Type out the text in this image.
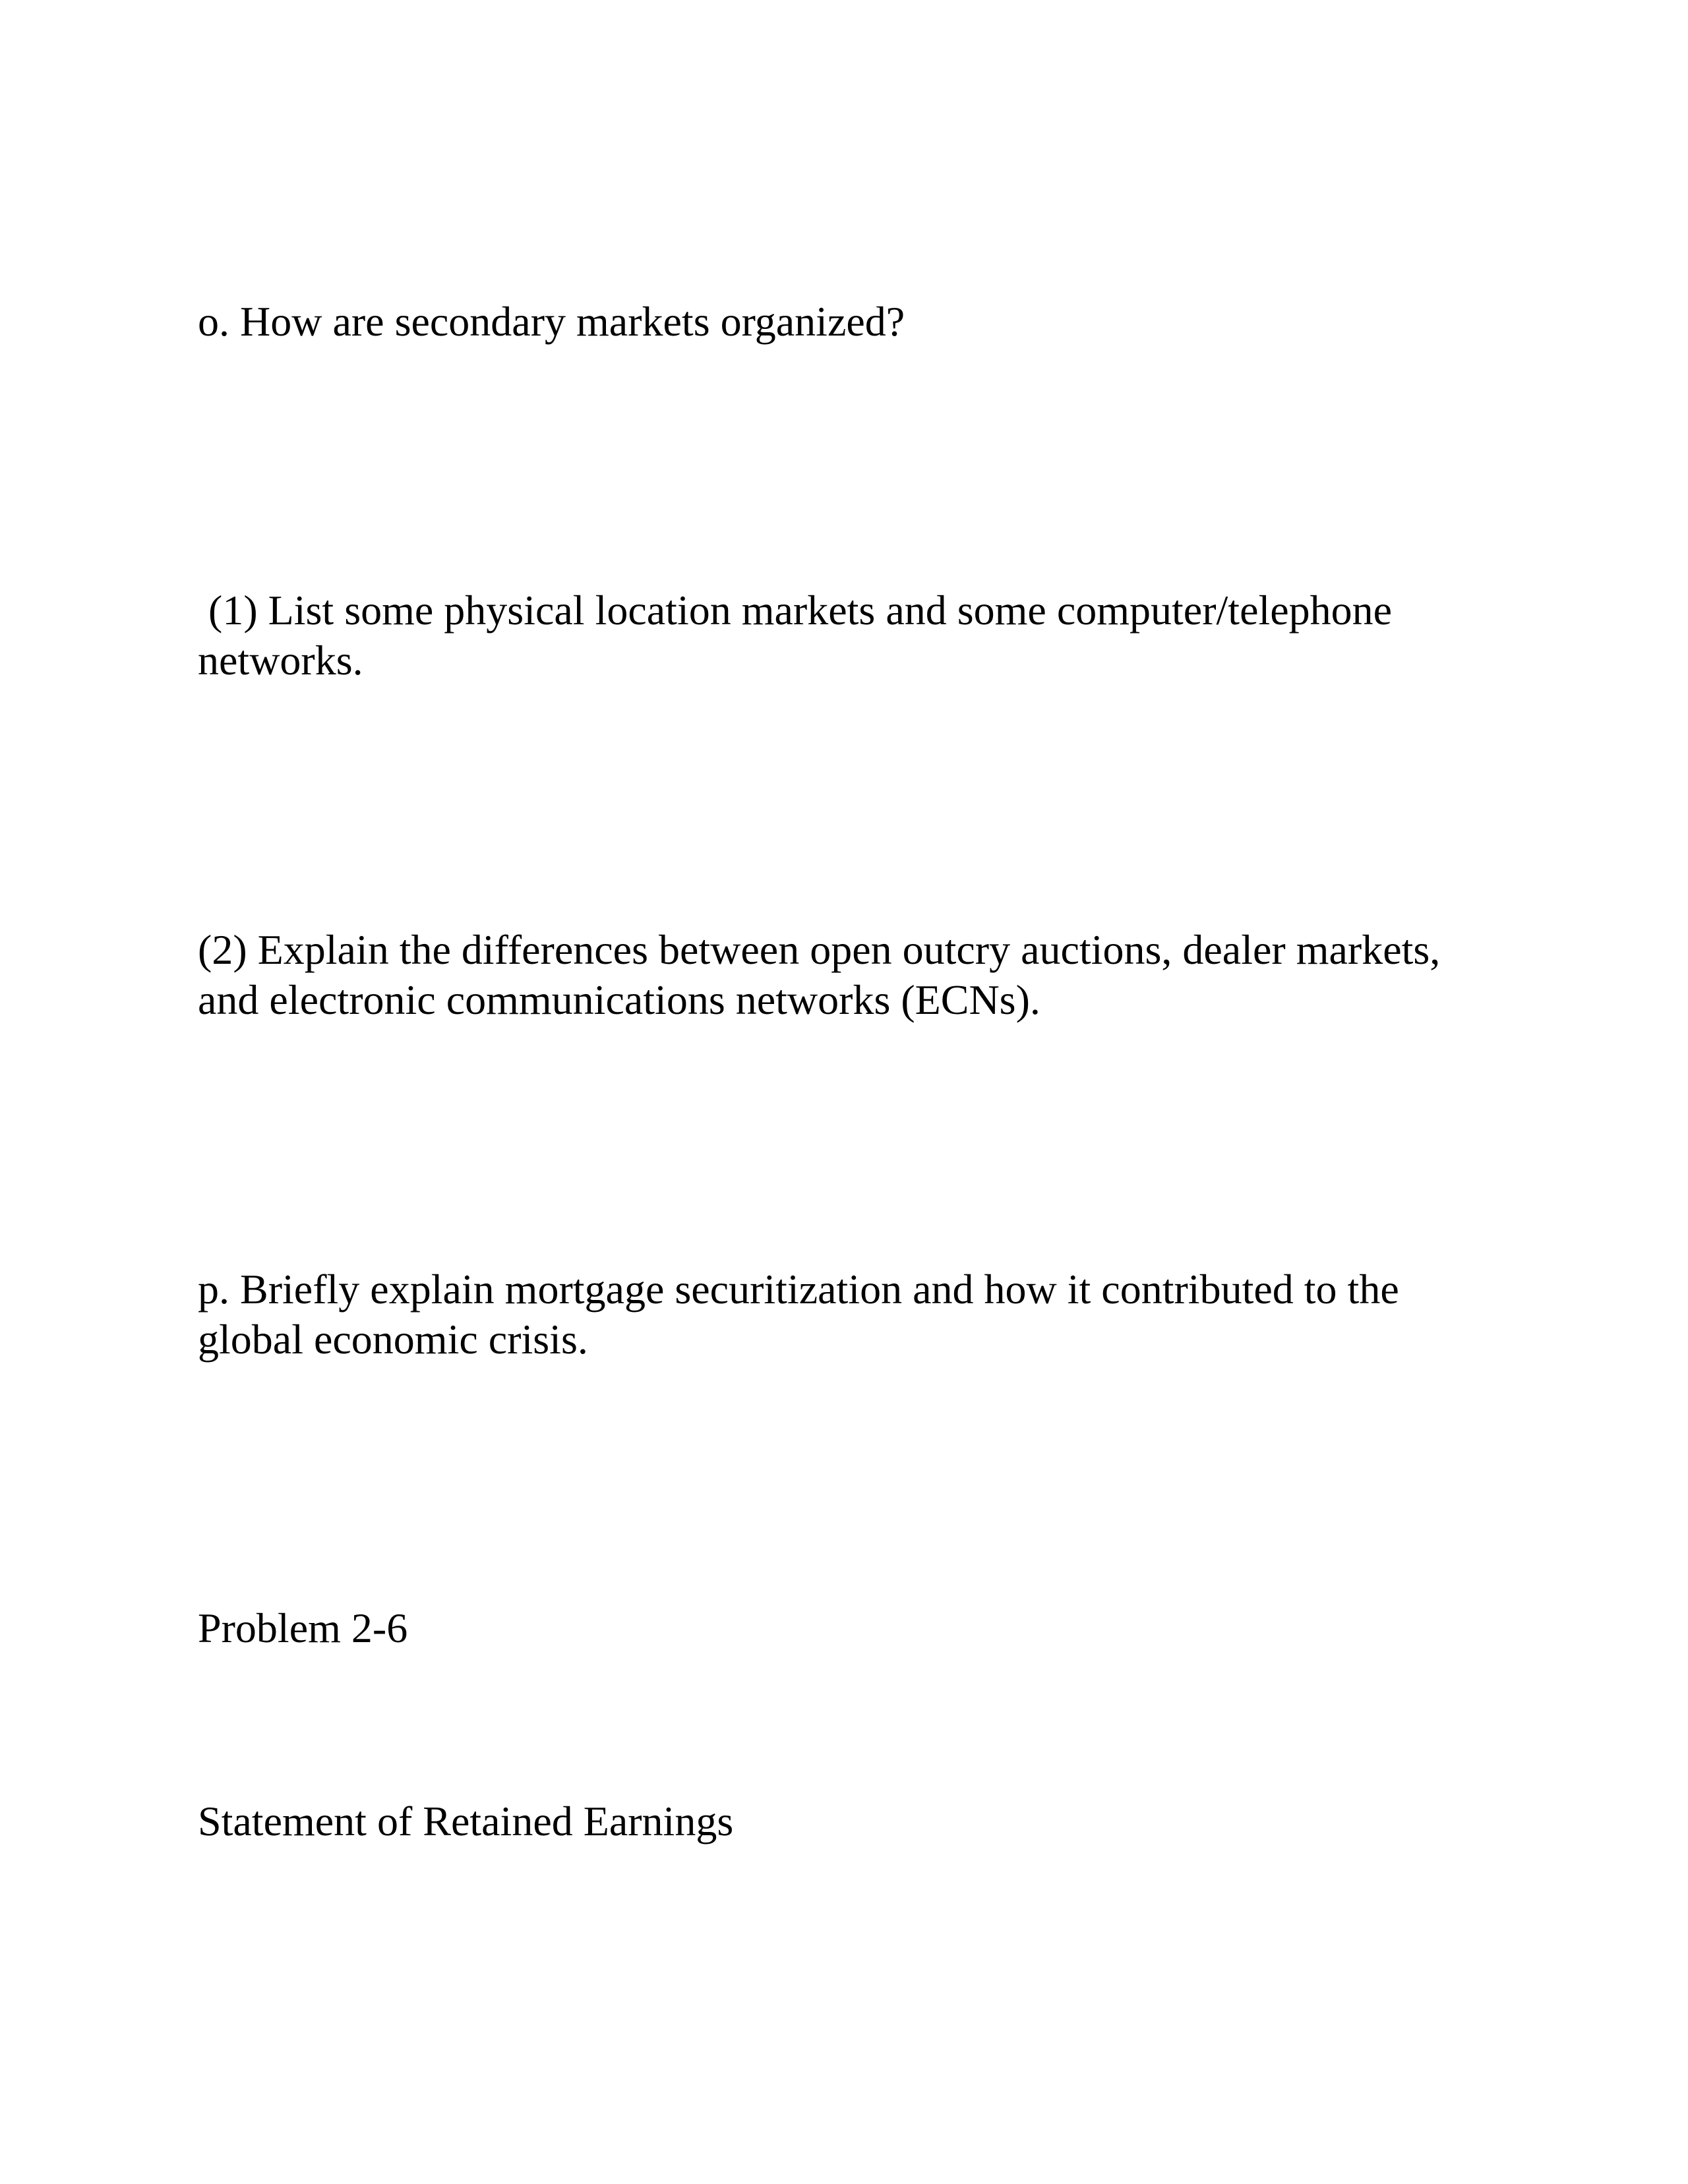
o. How are secondary markets organized?
(1) List some physical location markets and some computer/telephone
networks.
(2) Explain the differences between open outcry auctions, dealer markets,
and electronic communications networks (ECNs).
p. Briefly explain mortgage securitization and how it contributed to the
global economic crisis.
Problem 2-6
Statement of Retained Earnings
